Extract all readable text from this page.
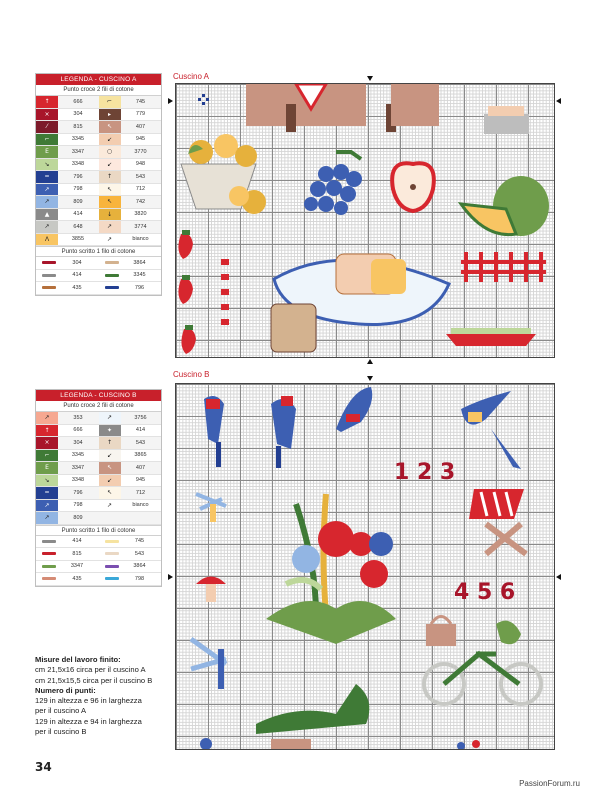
LEGENDA - CUSCINO A
Punto croce 2 fili di cotone
↑	666	⌐	745
×	304	▸	779
⁄	815	↖	407
⌐	3345	↙	945
E	3347	○	3770
↘	3348	↙	948
=	796	↑	543
↗	798	↖	712
↗	809	↖	742
▲	414	↓	3820
↗	648	↗	3774
Λ	3855	↗	bianco
Punto scritto 1 filo di cotone
304	3864
414	3345
435	796
LEGENDA - CUSCINO B
Punto croce 2 fili di cotone
↗	353	↗	3756
↑	666	✦	414
×	304	↑	543
⌐	3345	↙	3865
E	3347	↖	407
↘	3348	↙	945
=	796	↖	712
↗	798	↗	bianco
↗	809
Punto scritto 1 filo di cotone
414	745
815	543
3347	3864
435	798
Cuscino A
Cuscino B
1 2 3
4 5 6
Misure del lavoro finito:
cm 21,5x16 circa per il cuscino A
cm 21,5x15,5 circa per il cuscino B
Numero di punti:
129 in altezza e 96 in larghezza
per il cuscino A
129 in altezza e 94 in larghezza
per il cuscino B
34
PassionForum.ru
